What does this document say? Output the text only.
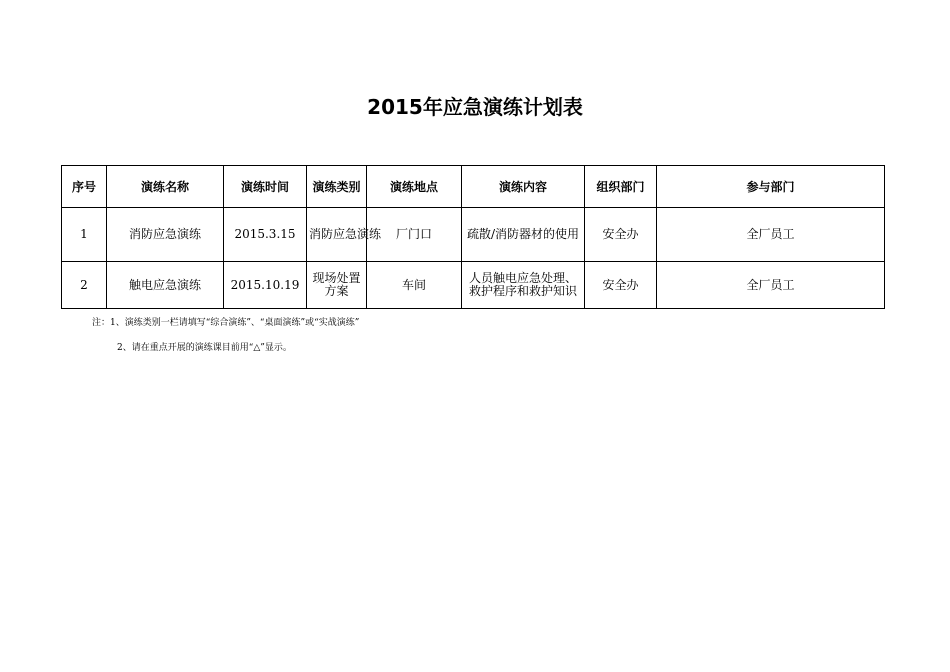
2015年应急演练计划表
序号	演练名称	演练时间	演练类别	演练地点	演练内容	组织部门	参与部门
1	消防应急演练	2015.3.15	消防应急演练	厂门口	疏散/消防器材的使用	安全办	全厂员工
2	触电应急演练	2015.10.19	现场处置方案	车间	人员触电应急处理、救护程序和救护知识	安全办	全厂员工
注：1、演练类别一栏请填写“综合演练”、“桌面演练”或“实战演练”
2、请在重点开展的演练课目前用“△”显示。
